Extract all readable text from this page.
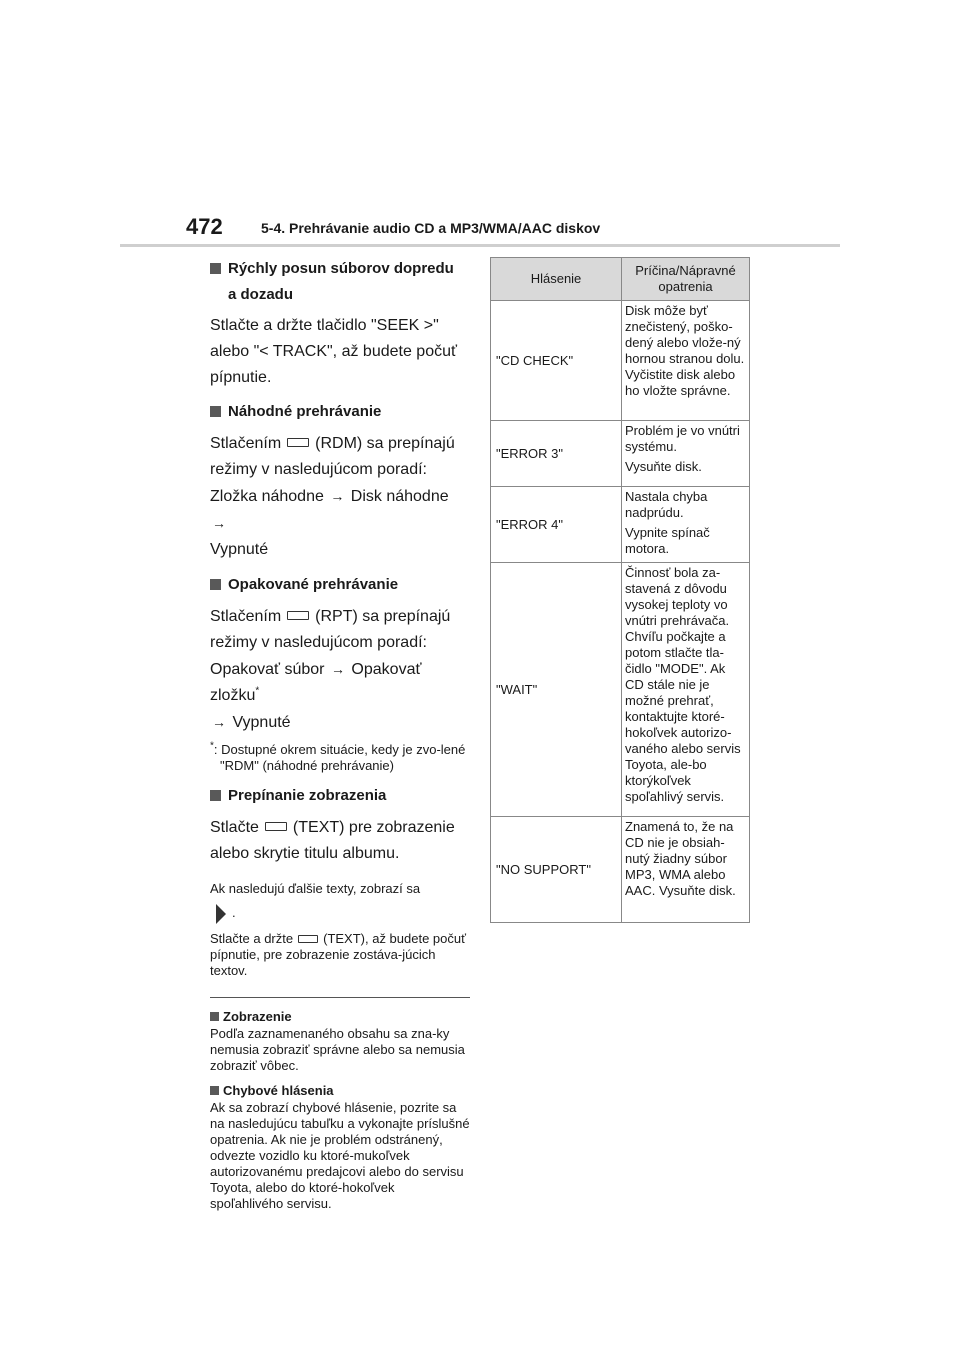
472	5-4. Prehrávanie audio CD a MP3/WMA/AAC diskov
Rýchly posun súborov dopredu
a dozadu

Stlačte a držte tlačidlo "SEEK >" alebo "< TRACK", až budete počuť pípnutie.

Náhodné prehrávanie

Stlačením (RDM) sa prepínajú režimy v nasledujúcom poradí:
Zložka náhodne → Disk náhodne →
Vypnuté

Opakované prehrávanie

Stlačením (RPT) sa prepínajú režimy v nasledujúcom poradí:
Opakovať súbor → Opakovať zložku*
→ Vypnuté

*: Dostupné okrem situácie, kedy je zvo-lené "RDM" (náhodné prehrávanie)

Prepínanie zobrazenia

Stlačte (TEXT) pre zobrazenie alebo skrytie titulu albumu.

Ak nasledujú ďalšie texty, zobrazí sa
.

Stlačte a držte (TEXT), až budete počuť pípnutie, pre zobrazenie zostáva-júcich textov.

Zobrazenie

Podľa zaznamenaného obsahu sa zna-ky nemusia zobraziť správne alebo sa nemusia zobraziť vôbec.

Chybové hlásenia

Ak sa zobrazí chybové hlásenie, pozrite sa na nasledujúcu tabuľku a vykonajte príslušné opatrenia. Ak nie je problém odstránený, odvezte vozidlo ku ktoré-mukoľvek autorizovanému predajcovi alebo do servisu Toyota, alebo do ktoré-hokoľvek spoľahlivého servisu.

Hlásenie	Príčina/Nápravné opatrenia
"CD CHECK"	Disk môže byť znečistený, poško-dený alebo vlože-ný hornou stranou dolu.

Vyčistite disk alebo ho vložte správne.

"ERROR 3"	Problém je vo vnútri systému.

Vysuňte disk.

"ERROR 4"	Nastala chyba nadprúdu.

Vypnite spínač motora.

"WAIT"	Činnosť bola za-stavená z dôvodu vysokej teploty vo vnútri prehrávača. Chvíľu počkajte a potom stlačte tla-čidlo "MODE". Ak CD stále nie je možné prehrať, kontaktujte ktoré-hokoľvek autorizo-vaného alebo servis Toyota, ale-bo ktorýkoľvek spoľahlivý servis.

"NO SUPPORT"	Znamená to, že na CD nie je obsiah-nutý žiadny súbor MP3, WMA alebo AAC. Vysuňte disk.
